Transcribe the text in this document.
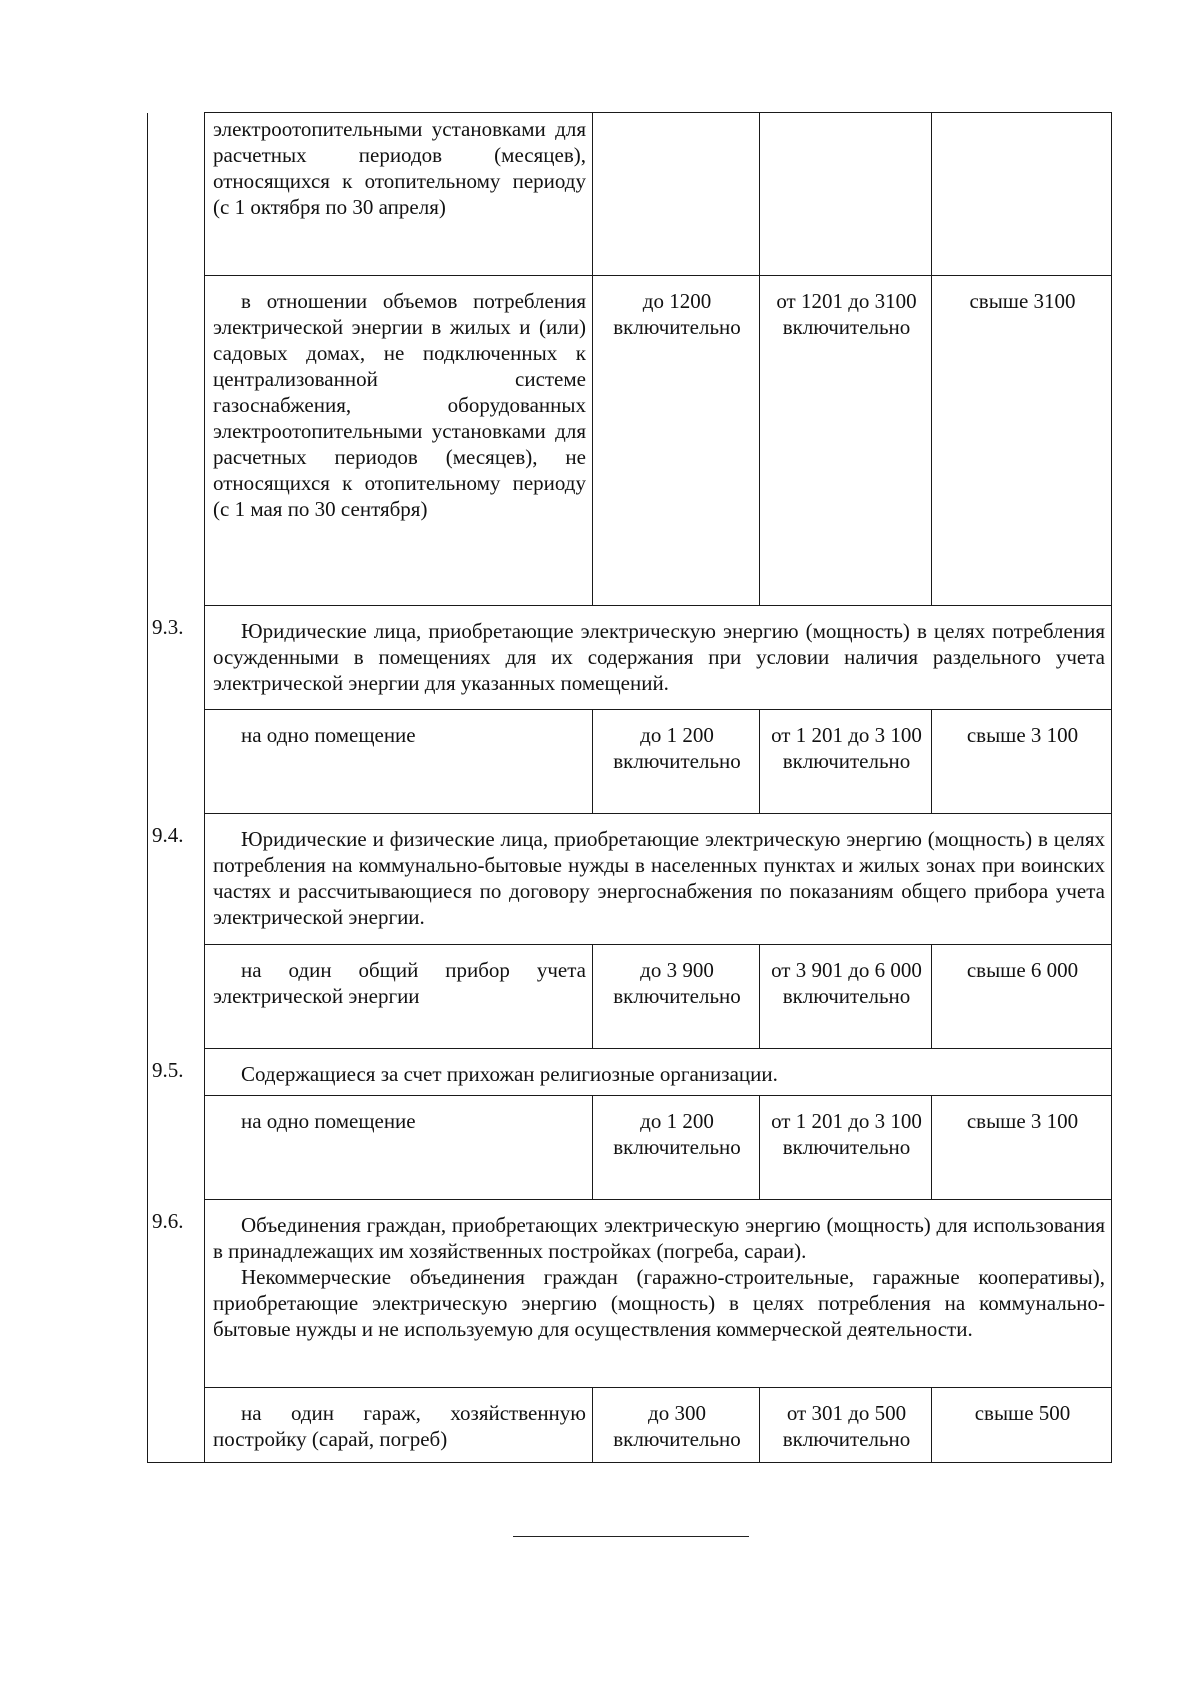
	электроотопительными установками для расчетных периодов (месяцев), относящихся к отопительному периоду (с 1 октября по 30 апреля)			
	в отношении объемов потребления электрической энергии в жилых и (или) садовых домах, не подключенных к централизованной системе газоснабжения, оборудованных электроотопительными установками для расчетных периодов (месяцев), не относящихся к отопительному периоду (с 1 мая по 30 сентября)	до 1200 включительно	от 1201 до 3100 включительно	свыше 3100
9.3.	Юридические лица, приобретающие электрическую энергию (мощность) в целях потребления осужденными в помещениях для их содержания при условии наличия раздельного учета электрической энергии для указанных помещений.			
	на одно помещение	до 1 200 включительно	от 1 201 до 3 100 включительно	свыше 3 100
9.4.	Юридические и физические лица, приобретающие электрическую энергию (мощность) в целях потребления на коммунально-бытовые нужды в населенных пунктах и жилых зонах при воинских частях и рассчитывающиеся по договору энергоснабжения по показаниям общего прибора учета электрической энергии.			
	на один общий прибор учета электрической энергии	до 3 900 включительно	от 3 901 до 6 000 включительно	свыше 6 000
9.5.	Содержащиеся за счет прихожан религиозные организации.			
	на одно помещение	до 1 200 включительно	от 1 201 до 3 100 включительно	свыше 3 100
9.6.	Объединения граждан, приобретающих электрическую энергию (мощность) для использования в принадлежащих им хозяйственных постройках (погреба, сараи).

Некоммерческие объединения граждан (гаражно-строительные, гаражные кооперативы), приобретающие электрическую энергию (мощность) в целях потребления на коммунально-бытовые нужды и не используемую для осуществления коммерческой деятельности.			

	на один гараж, хозяйственную постройку (сарай, погреб)	до 300 включительно	от 301 до 500 включительно	свыше 500
